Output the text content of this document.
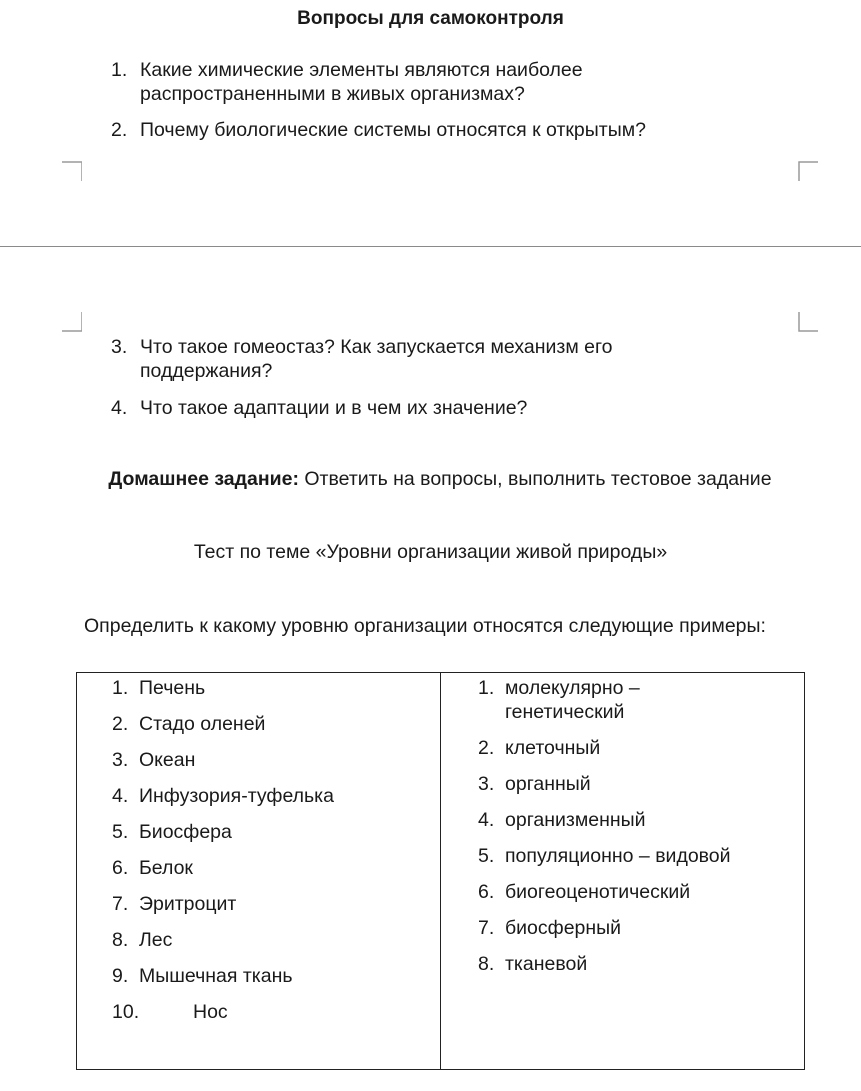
Вопросы для самоконтроля
1. Какие химические элементы являются наиболее распространенными в живых организмах?
2. Почему биологические системы относятся к открытым?
3. Что такое гомеостаз? Как запускается механизм его поддержания?
4. Что такое адаптации и в чем их значение?
Домашнее задание: Ответить на вопросы, выполнить тестовое задание
Тест по теме «Уровни организации живой природы»
Определить к какому уровню организации относятся следующие примеры:
1. Печень
2. Стадо оленей
3. Океан
4. Инфузория-туфелька
5. Биосфера
6. Белок
7. Эритроцит
8. Лес
9. Мышечная ткань
10.	Нос
1. молекулярно – генетический
2. клеточный
3. органный
4. организменный
5. популяционно – видовой
6. биогеоценотический
7. биосферный
8. тканевой
